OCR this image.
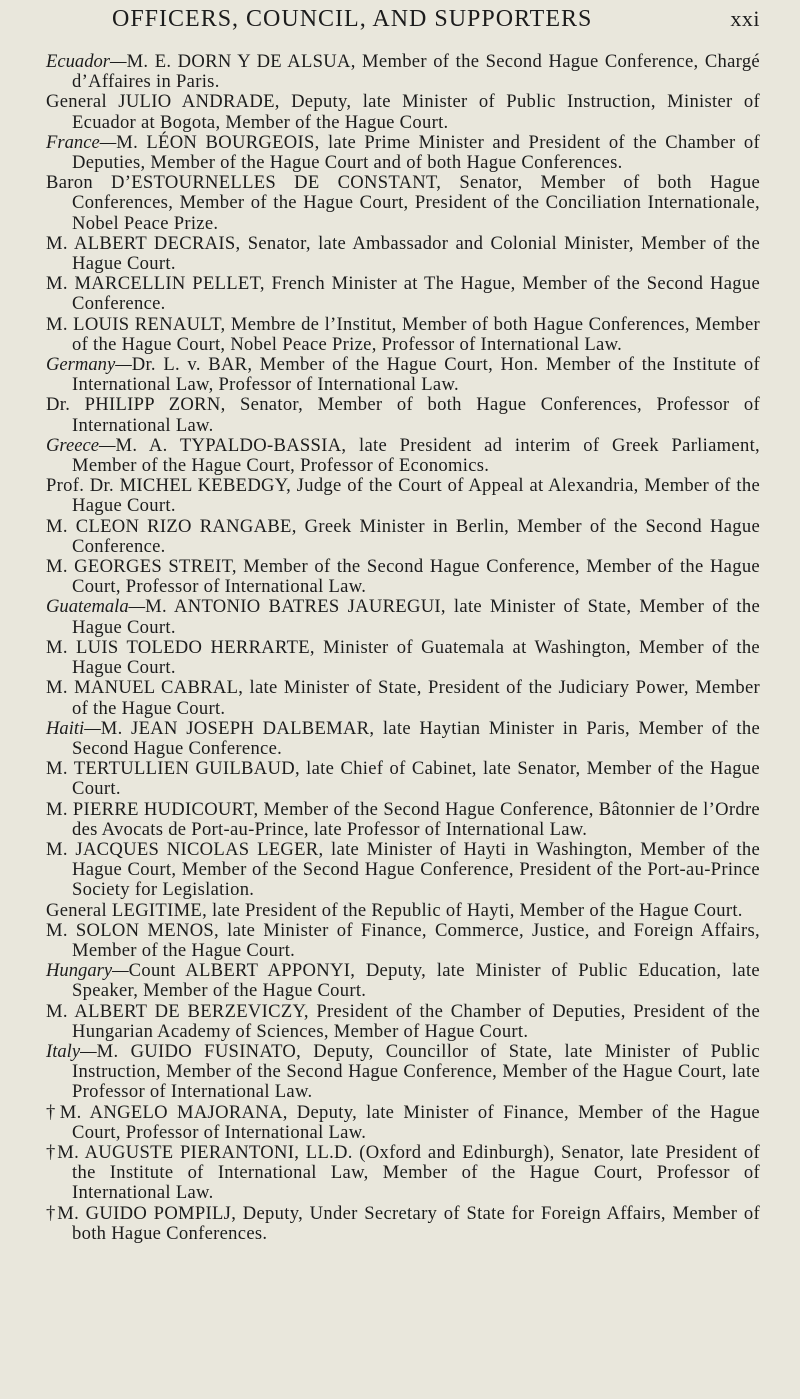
OFFICERS, COUNCIL, AND SUPPORTERS	xxi

Ecuador—M. E. DORN Y DE ALSUA, Member of the Second Hague Conference, Chargé d’Affaires in Paris.

General JULIO ANDRADE, Deputy, late Minister of Public Instruction, Minister of Ecuador at Bogota, Member of the Hague Court.

France—M. LÉON BOURGEOIS, late Prime Minister and President of the Chamber of Deputies, Member of the Hague Court and of both Hague Conferences.

Baron D’ESTOURNELLES DE CONSTANT, Senator, Member of both Hague Conferences, Member of the Hague Court, President of the Conciliation Internationale, Nobel Peace Prize.

M. ALBERT DECRAIS, Senator, late Ambassador and Colonial Minister, Member of the Hague Court.

M. MARCELLIN PELLET, French Minister at The Hague, Member of the Second Hague Conference.

M. LOUIS RENAULT, Membre de l’Institut, Member of both Hague Conferences, Member of the Hague Court, Nobel Peace Prize, Professor of International Law.

Germany—Dr. L. v. BAR, Member of the Hague Court, Hon. Member of the Institute of International Law, Professor of International Law.

Dr. PHILIPP ZORN, Senator, Member of both Hague Conferences, Professor of International Law.

Greece—M. A. TYPALDO-BASSIA, late President ad interim of Greek Parliament, Member of the Hague Court, Professor of Economics.

Prof. Dr. MICHEL KEBEDGY, Judge of the Court of Appeal at Alexandria, Member of the Hague Court.

M. CLEON RIZO RANGABE, Greek Minister in Berlin, Member of the Second Hague Conference.

M. GEORGES STREIT, Member of the Second Hague Conference, Member of the Hague Court, Professor of International Law.

Guatemala—M. ANTONIO BATRES JAUREGUI, late Minister of State, Member of the Hague Court.

M. LUIS TOLEDO HERRARTE, Minister of Guatemala at Washington, Member of the Hague Court.

M. MANUEL CABRAL, late Minister of State, President of the Judiciary Power, Member of the Hague Court.

Haiti—M. JEAN JOSEPH DALBEMAR, late Haytian Minister in Paris, Member of the Second Hague Conference.

M. TERTULLIEN GUILBAUD, late Chief of Cabinet, late Senator, Member of the Hague Court.

M. PIERRE HUDICOURT, Member of the Second Hague Conference, Bâtonnier de l’Ordre des Avocats de Port-au-Prince, late Professor of International Law.

M. JACQUES NICOLAS LEGER, late Minister of Hayti in Washington, Member of the Hague Court, Member of the Second Hague Conference, President of the Port-au-Prince Society for Legislation.

General LEGITIME, late President of the Republic of Hayti, Member of the Hague Court.

M. SOLON MENOS, late Minister of Finance, Commerce, Justice, and Foreign Affairs, Member of the Hague Court.

Hungary—Count ALBERT APPONYI, Deputy, late Minister of Public Education, late Speaker, Member of the Hague Court.

M. ALBERT DE BERZEVICZY, President of the Chamber of Deputies, President of the Hungarian Academy of Sciences, Member of Hague Court.

Italy—M. GUIDO FUSINATO, Deputy, Councillor of State, late Minister of Public Instruction, Member of the Second Hague Conference, Member of the Hague Court, late Professor of International Law.

†M. ANGELO MAJORANA, Deputy, late Minister of Finance, Member of the Hague Court, Professor of International Law.

†M. AUGUSTE PIERANTONI, LL.D. (Oxford and Edinburgh), Senator, late President of the Institute of International Law, Member of the Hague Court, Professor of International Law.

†M. GUIDO POMPILJ, Deputy, Under Secretary of State for Foreign Affairs, Member of both Hague Conferences.
